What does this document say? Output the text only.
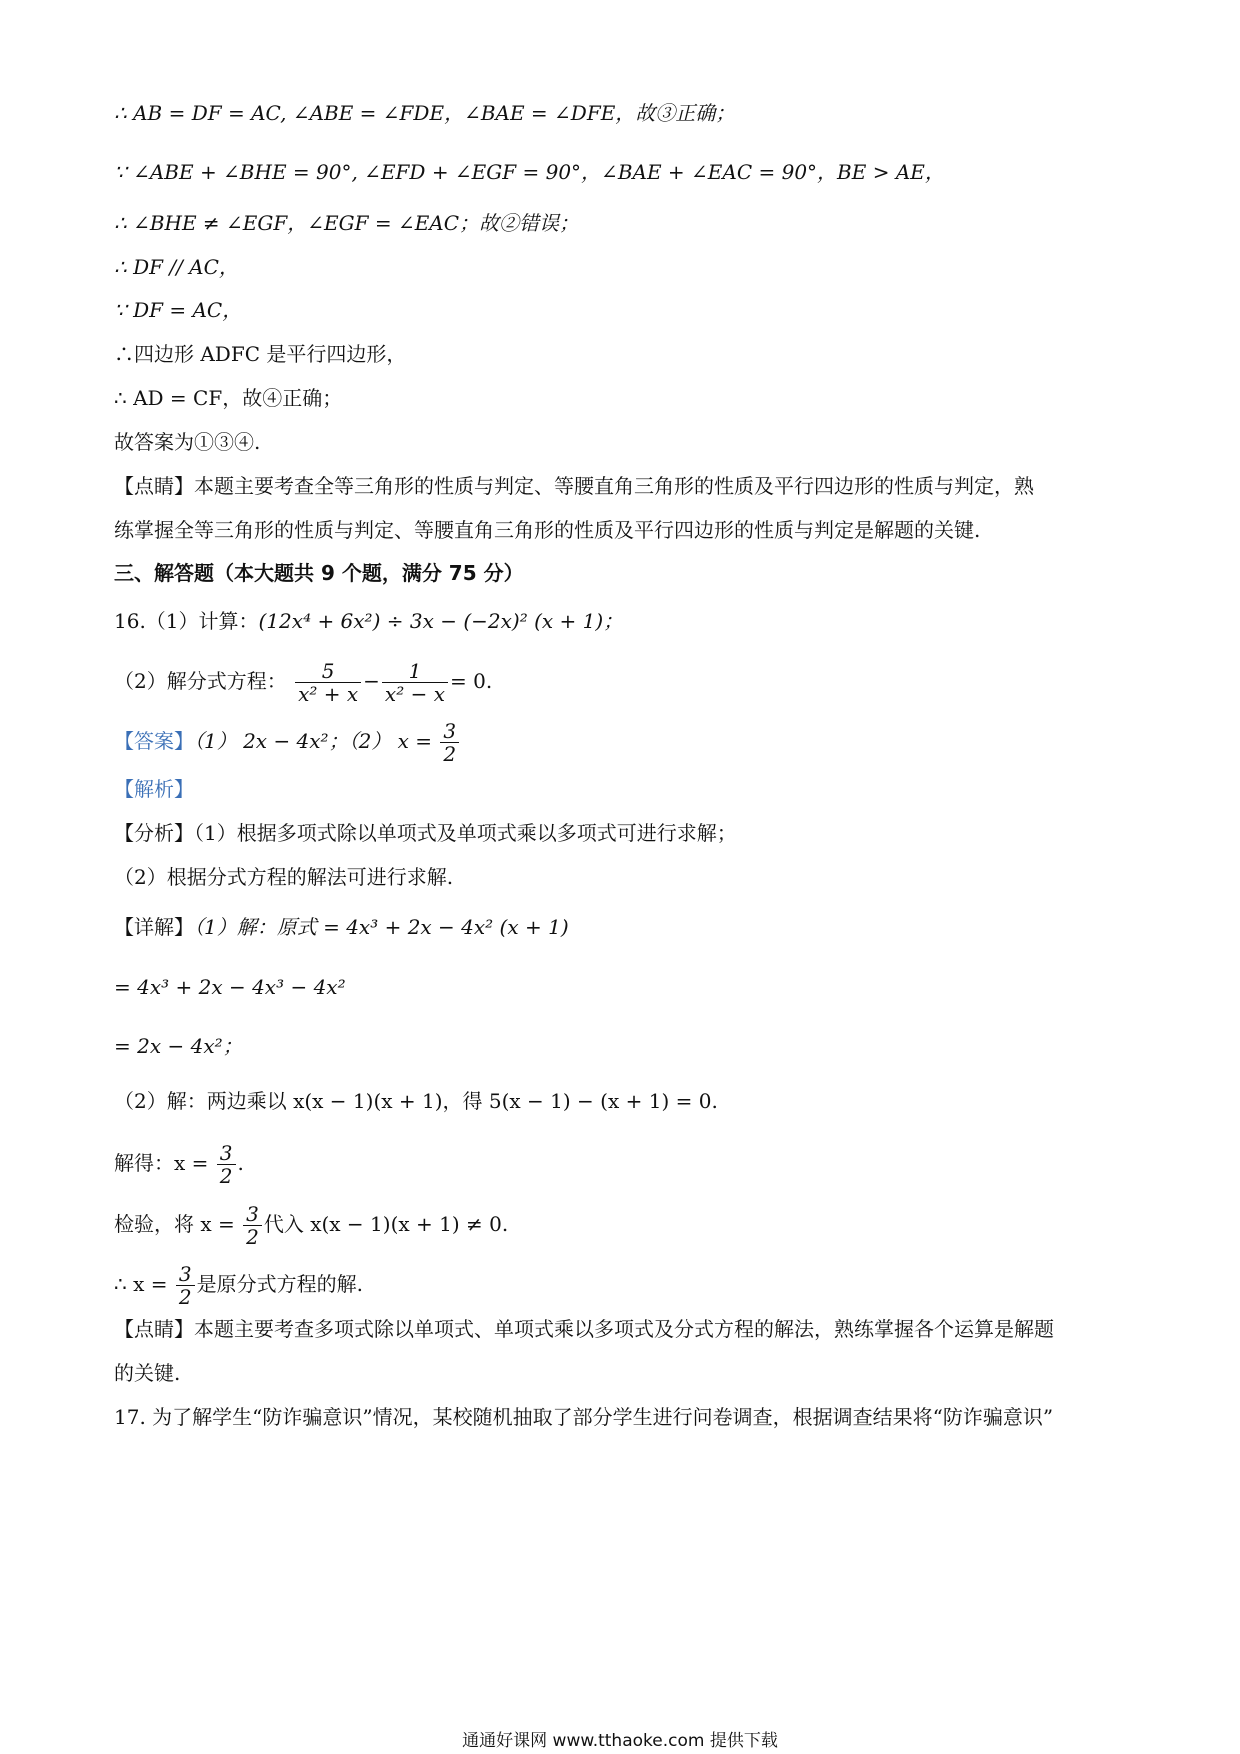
∴ AB = DF = AC, ∠ABE = ∠FDE，∠BAE = ∠DFE，故③正确；
∵ ∠ABE + ∠BHE = 90°, ∠EFD + ∠EGF = 90°，∠BAE + ∠EAC = 90°，BE > AE，
∴ ∠BHE ≠ ∠EGF，∠EGF = ∠EAC；故②错误；
∴ DF // AC，
∵ DF = AC，
∴四边形 ADFC 是平行四边形，
∴ AD = CF，故④正确；
故答案为①③④.
【点睛】本题主要考查全等三角形的性质与判定、等腰直角三角形的性质及平行四边形的性质与判定，熟
练掌握全等三角形的性质与判定、等腰直角三角形的性质及平行四边形的性质与判定是解题的关键.
三、解答题（本大题共 9 个题，满分 75 分）
16.（1）计算：(12x⁴ + 6x²) ÷ 3x − (−2x)² (x + 1)；
（2）解分式方程： $\frac{5}{\text{x² + x}} - \frac{1}{\text{x² − x}} = 0$.
【答案】（1） 2x − 4x²；（2） $x = \frac{3}{2}$
【解析】
【分析】（1）根据多项式除以单项式及单项式乘以多项式可进行求解；
（2）根据分式方程的解法可进行求解.
【详解】（1）解：原式 = 4x³ + 2x − 4x² (x + 1)
= 4x³ + 2x − 4x³ − 4x²
= 2x − 4x²；
（2）解：两边乘以 x(x − 1)(x + 1)，得 5(x − 1) − (x + 1) = 0.
解得：$x = \frac{3}{2}$ .
检验，将 $x = \frac{3}{2}$ 代入 x(x − 1)(x + 1) ≠ 0.
∴ $x = \frac{3}{2}$ 是原分式方程的解.
【点睛】本题主要考查多项式除以单项式、单项式乘以多项式及分式方程的解法，熟练掌握各个运算是解题
的关键.
17. 为了解学生“防诈骗意识”情况，某校随机抽取了部分学生进行问卷调查，根据调查结果将“防诈骗意识”
通通好课网 www.tthaoke.com 提供下载
